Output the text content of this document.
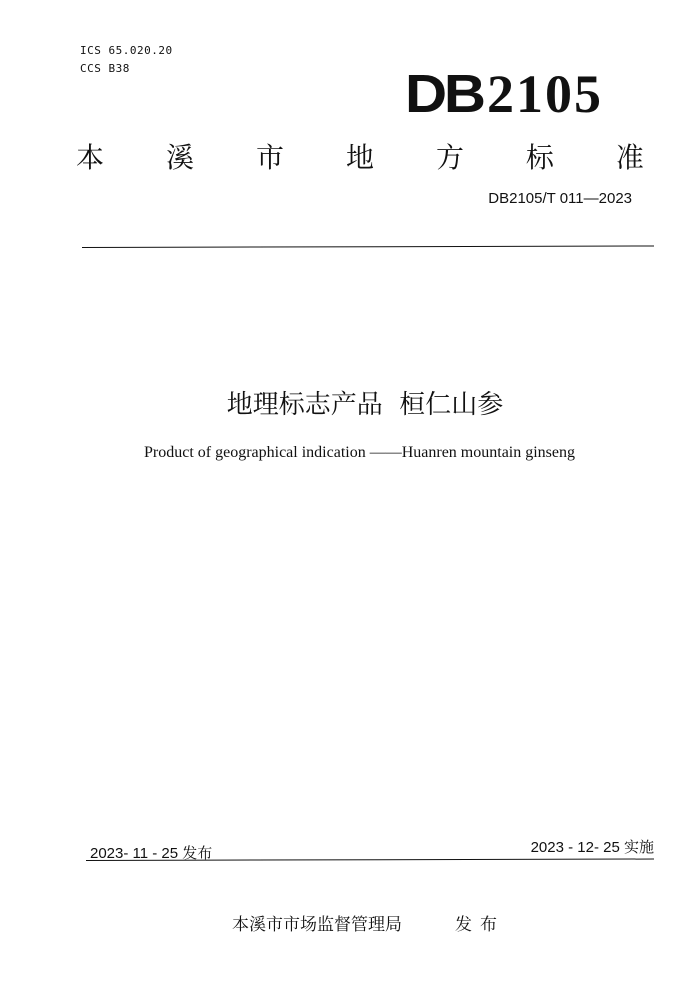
ICS 65.020.20
CCS B38	DB2105
本 溪 市 地 方 标 准
DB2105/T 011—2023
地理标志产品  桓仁山参
Product of geographical indication ——Huanren mountain ginseng
2023- 11 - 25 发布	2023 - 12- 25 实施
本溪市市场监督管理局	发布
